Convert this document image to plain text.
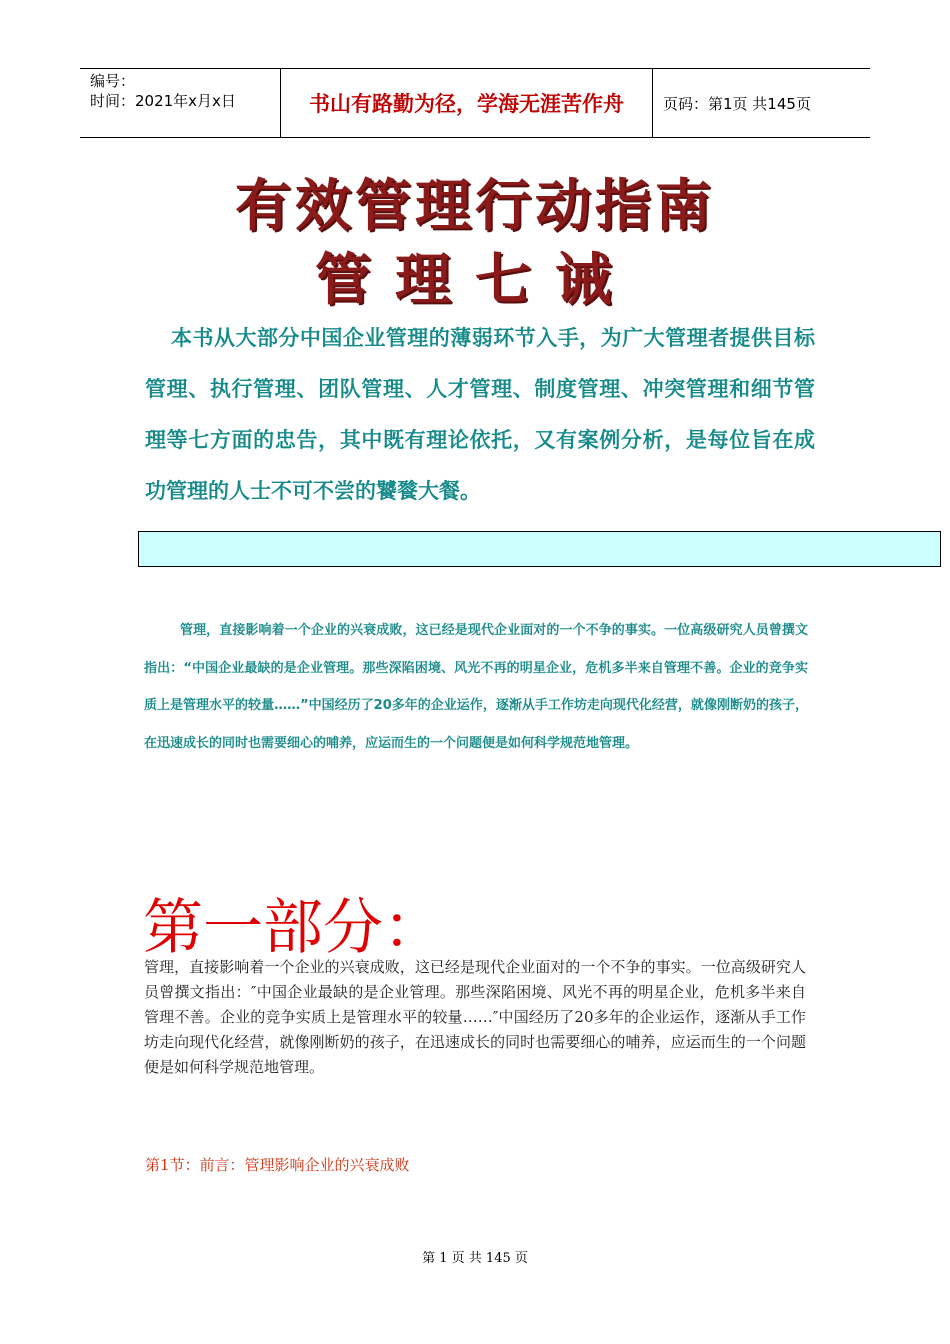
编号：
时间：2021年x月x日	书山有路勤为径，学海无涯苦作舟	页码：第1页 共145页
有效管理行动指南
管理七诫
本书从大部分中国企业管理的薄弱环节入手，为广大管理者提供目标管理、执行管理、团队管理、人才管理、制度管理、冲突管理和细节管理等七方面的忠告，其中既有理论依托，又有案例分析，是每位旨在成功管理的人士不可不尝的饕餮大餐。
管理，直接影响着一个企业的兴衰成败，这已经是现代企业面对的一个不争的事实。一位高级研究人员曾撰文指出：“中国企业最缺的是企业管理。那些深陷困境、风光不再的明星企业，危机多半来自管理不善。企业的竞争实质上是管理水平的较量……”中国经历了20多年的企业运作，逐渐从手工作坊走向现代化经营，就像刚断奶的孩子，在迅速成长的同时也需要细心的哺养，应运而生的一个问题便是如何科学规范地管理。
第一部分：
管理，直接影响着一个企业的兴衰成败，这已经是现代企业面对的一个不争的事实。一位高级研究人员曾撰文指出：″中国企业最缺的是企业管理。那些深陷困境、风光不再的明星企业，危机多半来自管理不善。企业的竞争实质上是管理水平的较量……″中国经历了20多年的企业运作，逐渐从手工作坊走向现代化经营，就像刚断奶的孩子，在迅速成长的同时也需要细心的哺养，应运而生的一个问题便是如何科学规范地管理。
第1节：前言：管理影响企业的兴衰成败
第 1 页 共 145 页
